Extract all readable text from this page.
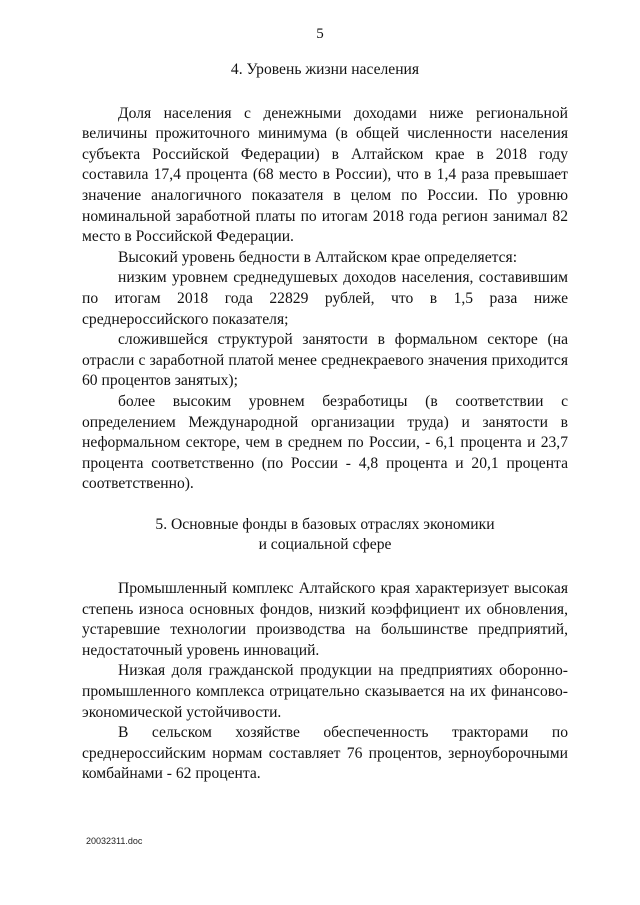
5
4. Уровень жизни населения

Доля населения с денежными доходами ниже региональной величины прожиточного минимума (в общей численности населения субъекта Российской Федерации) в Алтайском крае в 2018 году составила 17,4 процента (68 место в России), что в 1,4 раза превышает значение аналогичного показателя в целом по России. По уровню номинальной заработной платы по итогам 2018 года регион занимал 82 место в Российской Федерации.

Высокий уровень бедности в Алтайском крае определяется:

низким уровнем среднедушевых доходов населения, составившим по итогам 2018 года 22829 рублей, что в 1,5 раза ниже среднероссийского показателя;

сложившейся структурой занятости в формальном секторе (на отрасли с заработной платой менее среднекраевого значения приходится 60 процентов занятых);

более высоким уровнем безработицы (в соответствии с определением Международной организации труда) и занятости в неформальном секторе, чем в среднем по России, - 6,1 процента и 23,7 процента соответственно (по России - 4,8 процента и 20,1 процента соответственно).

5. Основные фонды в базовых отраслях экономики
и социальной сфере

Промышленный комплекс Алтайского края характеризует высокая степень износа основных фондов, низкий коэффициент их обновления, устаревшие технологии производства на большинстве предприятий, недостаточный уровень инноваций.

Низкая доля гражданской продукции на предприятиях оборонно-промышленного комплекса отрицательно сказывается на их финансово-экономической устойчивости.

В сельском хозяйстве обеспеченность тракторами по среднероссийским нормам составляет 76 процентов, зерноуборочными комбайнами - 62 процента.

20032311.doc
